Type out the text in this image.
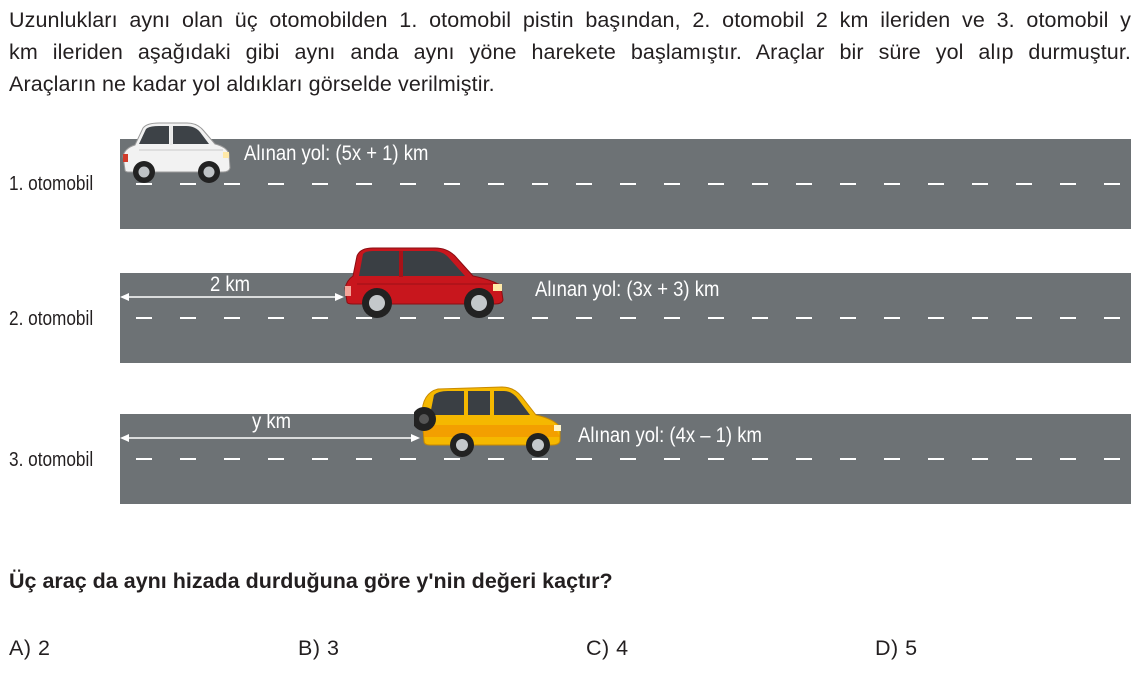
Uzunlukları aynı olan üç otomobilden 1. otomobil pistin başından, 2. otomobil 2 km ileriden ve 3. otomobil y
km ileriden aşağıdaki gibi aynı anda aynı yöne harekete başlamıştır. Araçlar bir süre yol alıp durmuştur.
Araçların ne kadar yol aldıkları görselde verilmiştir.
Alınan yol: (5x + 1) km
1. otomobil
2 km	Alınan yol: (3x + 3) km
2. otomobil
y km
Alınan yol: (4x – 1) km
3. otomobil
Üç araç da aynı hizada durduğuna göre y'nin değeri kaçtır?
A) 2	B) 3	C) 4	D) 5
